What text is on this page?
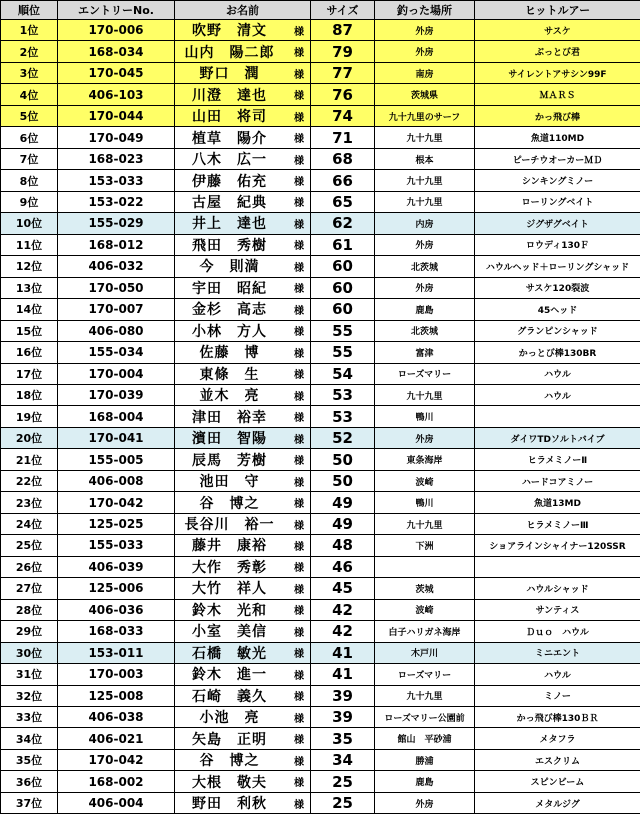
順位	エントリーNo.	お名前	サイズ	釣った場所	ヒットルアー
1位	170-006	吹野　清文 様	87	外房	サスケ
2位	168-034	山内　陽二郎 様	79	外房	ぶっとび君
3位	170-045	野口　潤 様	77	南房	サイレントアサシン99F
4位	406-103	川澄　達也 様	76	茨城県	ＭＡＲＳ
5位	170-044	山田　将司 様	74	九十九里のサーフ	かっ飛び棒
6位	170-049	植草　陽介 様	71	九十九里	魚道110MD
7位	168-023	八木　広一 様	68	根本	ピーチウオーカーＭＤ
8位	153-033	伊藤　佑充 様	66	九十九里	シンキングミノー
9位	153-022	古屋　紀典 様	65	九十九里	ローリングベイト
10位	155-029	井上　達也 様	62	内房	ジグザグベイト
11位	168-012	飛田　秀樹 様	61	外房	ロウディ130Ｆ
12位	406-032	今　則満 様	60	北茨城	ハウルヘッド＋ローリングシャッド
13位	170-050	宇田　昭紀 様	60	外房	サスケ120裂波
14位	170-007	金杉　高志 様	60	鹿島	45ヘッド
15位	406-080	小林　方人 様	55	北茨城	グランピンシャッド
16位	155-034	佐藤　博 様	55	富津	かっとび棒130BR
17位	170-004	東條　生 様	54	ローズマリー	ハウル
18位	170-039	並木　亮 様	53	九十九里	ハウル
19位	168-004	津田　裕幸 様	53	鴨川	
20位	170-041	濱田　智陽 様	52	外房	ダイワTDソルトバイブ
21位	155-005	辰馬　芳樹 様	50	東条海岸	ヒラメミノーⅡ
22位	406-008	池田　守 様	50	波崎	ハードコアミノー
23位	170-042	谷　博之 様	49	鴨川	魚道13MD
24位	125-025	長谷川　裕一 様	49	九十九里	ヒラメミノーⅢ
25位	155-033	藤井　康裕 様	48	下洲	ショアラインシャイナー120SSR
26位	406-039	大作　秀彰 様	46		
27位	125-006	大竹　祥人 様	45	茨城	ハウルシャッド
28位	406-036	鈴木　光和 様	42	波崎	サンティス
29位	168-033	小室　美信 様	42	白子ハリガネ海岸	Ｄｕｏ　ハウル
30位	153-011	石橋　敏光 様	41	木戸川	ミニエント
31位	170-003	鈴木　進一 様	41	ローズマリー	ハウル
32位	125-008	石崎　義久 様	39	九十九里	ミノー
33位	406-038	小池　亮 様	39	ローズマリー公園前	かっ飛び棒130ＢＲ
34位	406-021	矢島　正明 様	35	館山　平砂浦	メタフラ
35位	170-042	谷　博之 様	34	勝浦	エスクリム
36位	168-002	大根　敬夫 様	25	鹿島	スピンビーム
37位	406-004	野田　利秋 様	25	外房	メタルジグ
